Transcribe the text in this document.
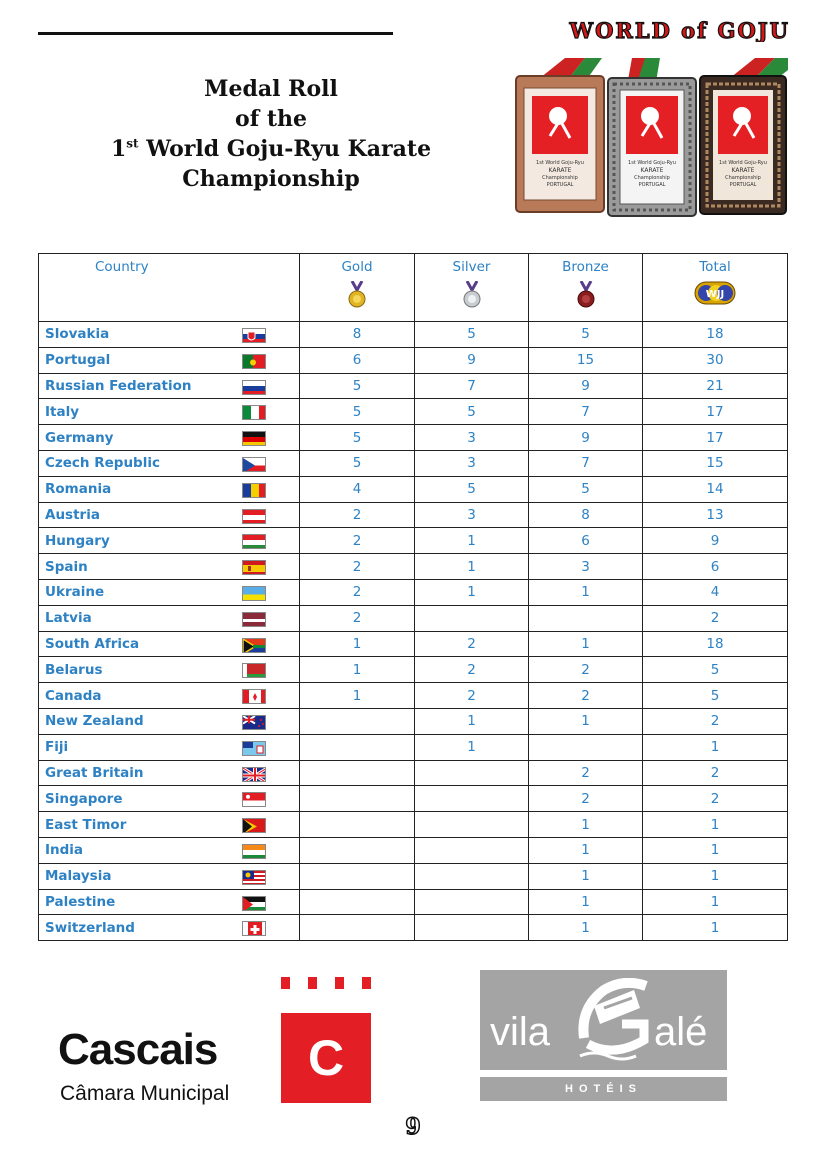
WORLD of GOJU
Medal Roll
of the
1st World Goju-Ryu Karate
Championship
1st World Goju-Ryu
KARATE
Championship
PORTUGAL
1st World Goju-Ryu
KARATE
Championship
PORTUGAL
1st World Goju-Ryu
KARATE
Championship
PORTUGAL
Country	Gold	Silver	Bronze	Total
WJJ

Slovakia	8	5	5	18
Portugal	6	9	15	30
Russian Federation	5	7	9	21
Italy	5	5	7	17
Germany	5	3	9	17
Czech Republic	5	3	7	15
Romania	4	5	5	14
Austria	2	3	8	13
Hungary	2	1	6	9
Spain	2	1	3	6
Ukraine	2	1	1	4
Latvia	2			2
South Africa	1	2	1	18
Belarus	1	2	2	5
Canada	1	2	2	5
New Zealand		1	1	2
Fiji		1		1
Great Britain			2	2
Singapore			2	2
East Timor			1	1
India			1	1
Malaysia			1	1
Palestine			1	1
Switzerland			1	1
Cascais
Câmara Municipal
C	vila	alé
HOTÉIS
9
